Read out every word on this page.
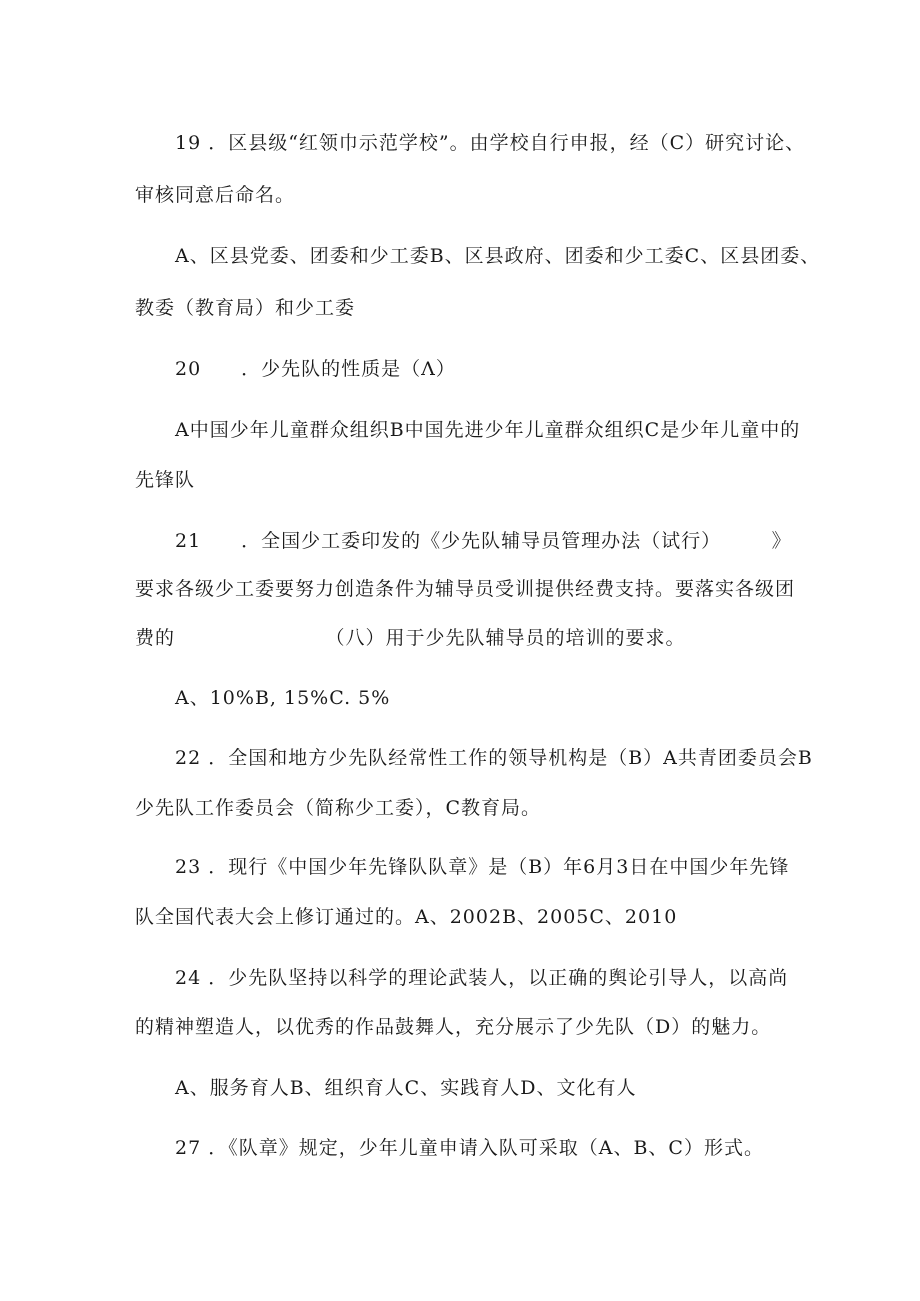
19 ．区县级“红领巾示范学校”。由学校自行申报，经（C）研究讨论、
审核同意后命名。
A、区县党委、团委和少工委B、区县政府、团委和少工委C、区县团委、
教委（教育局）和少工委
20　　．少先队的性质是（Λ）
A中国少年儿童群众组织B中国先进少年儿童群众组织C是少年儿童中的
先锋队
21　　．全国少工委印发的《少先队辅导员管理办法（试行）　　　》
要求各级少工委要努力创造条件为辅导员受训提供经费支持。要落实各级团
费的　　　　　　　　（八）用于少先队辅导员的培训的要求。
A、10%B, 15%C. 5%
22 ．全国和地方少先队经常性工作的领导机构是（B）A共青团委员会B
少先队工作委员会（简称少工委），C教育局。
23 ．现行《中国少年先锋队队章》是（B）年6月3日在中国少年先锋
队全国代表大会上修订通过的。A、2002B、2005C、2010
24 ．少先队坚持以科学的理论武装人，以正确的舆论引导人，以高尚
的精神塑造人，以优秀的作品鼓舞人，充分展示了少先队（D）的魅力。
A、服务育人B、组织育人C、实践育人D、文化有人
27 ．《队章》规定，少年儿童申请入队可采取（A、B、C）形式。
